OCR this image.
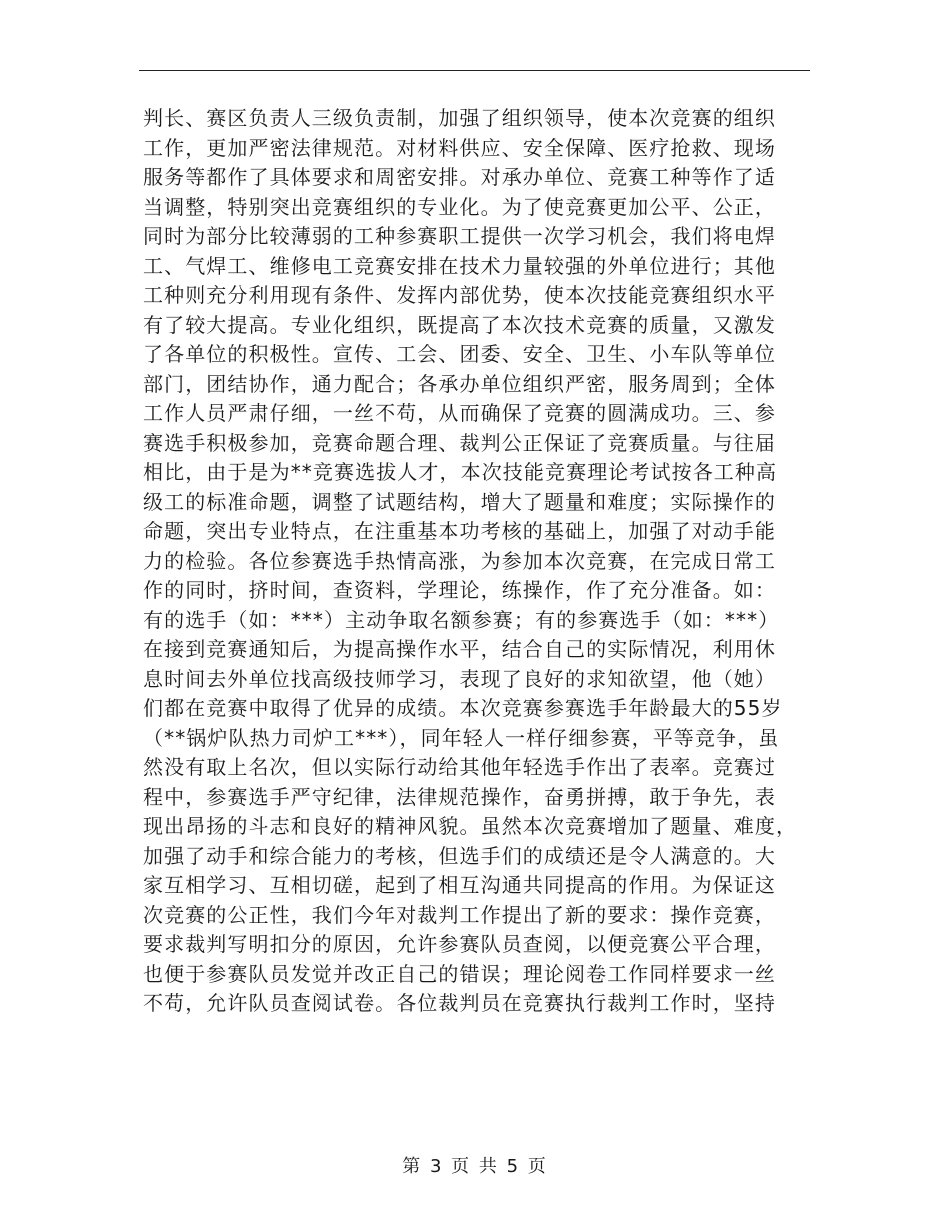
判长、赛区负责人三级负责制，加强了组织领导，使本次竞赛的组织
工作，更加严密法律规范。对材料供应、安全保障、医疗抢救、现场
服务等都作了具体要求和周密安排。对承办单位、竞赛工种等作了适
当调整，特别突出竞赛组织的专业化。为了使竞赛更加公平、公正，
同时为部分比较薄弱的工种参赛职工提供一次学习机会，我们将电焊
工、气焊工、维修电工竞赛安排在技术力量较强的外单位进行；其他
工种则充分利用现有条件、发挥内部优势，使本次技能竞赛组织水平
有了较大提高。专业化组织，既提高了本次技术竞赛的质量，又激发
了各单位的积极性。宣传、工会、团委、安全、卫生、小车队等单位
部门，团结协作，通力配合；各承办单位组织严密，服务周到；全体
工作人员严肃仔细，一丝不苟，从而确保了竞赛的圆满成功。三、参
赛选手积极参加，竞赛命题合理、裁判公正保证了竞赛质量。与往届
相比，由于是为**竞赛选拔人才，本次技能竞赛理论考试按各工种高
级工的标准命题，调整了试题结构，增大了题量和难度；实际操作的
命题，突出专业特点，在注重基本功考核的基础上，加强了对动手能
力的检验。各位参赛选手热情高涨，为参加本次竞赛，在完成日常工
作的同时，挤时间，查资料，学理论，练操作，作了充分准备。如：
有的选手（如：***）主动争取名额参赛；有的参赛选手（如：***）
在接到竞赛通知后，为提高操作水平，结合自己的实际情况，利用休
息时间去外单位找高级技师学习，表现了良好的求知欲望，他（她）
们都在竞赛中取得了优异的成绩。本次竞赛参赛选手年龄最大的55岁
（**锅炉队热力司炉工***），同年轻人一样仔细参赛，平等竞争，虽
然没有取上名次，但以实际行动给其他年轻选手作出了表率。竞赛过
程中，参赛选手严守纪律，法律规范操作，奋勇拼搏，敢于争先，表
现出昂扬的斗志和良好的精神风貌。虽然本次竞赛增加了题量、难度，
加强了动手和综合能力的考核，但选手们的成绩还是令人满意的。大
家互相学习、互相切磋，起到了相互沟通共同提高的作用。为保证这
次竞赛的公正性，我们今年对裁判工作提出了新的要求：操作竞赛，
要求裁判写明扣分的原因，允许参赛队员查阅，以便竞赛公平合理，
也便于参赛队员发觉并改正自己的错误；理论阅卷工作同样要求一丝
不苟，允许队员查阅试卷。各位裁判员在竞赛执行裁判工作时，坚持
第 3 页 共 5 页
